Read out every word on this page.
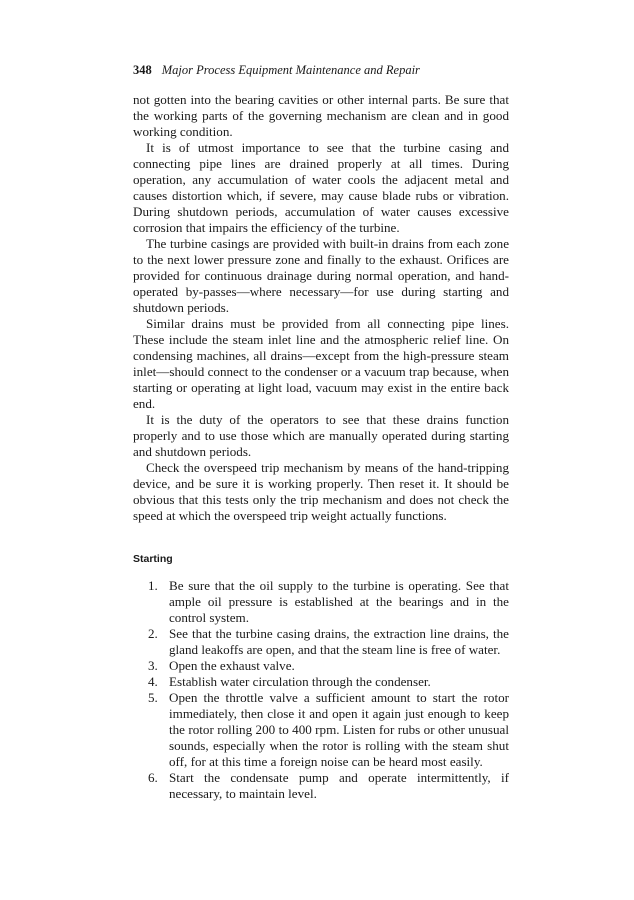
348 Major Process Equipment Maintenance and Repair

not gotten into the bearing cavities or other internal parts. Be sure that the working parts of the governing mechanism are clean and in good working condition.

It is of utmost importance to see that the turbine casing and connecting pipe lines are drained properly at all times. During operation, any accumulation of water cools the adjacent metal and causes distortion which, if severe, may cause blade rubs or vibration. During shutdown periods, accumulation of water causes excessive corrosion that impairs the efficiency of the turbine.

The turbine casings are provided with built-in drains from each zone to the next lower pressure zone and finally to the exhaust. Orifices are provided for continuous drainage during normal operation, and hand-operated by-passes—where necessary—for use during starting and shutdown periods.

Similar drains must be provided from all connecting pipe lines. These include the steam inlet line and the atmospheric relief line. On condensing machines, all drains—except from the high-pressure steam inlet—should connect to the condenser or a vacuum trap because, when starting or operating at light load, vacuum may exist in the entire back end.

It is the duty of the operators to see that these drains function properly and to use those which are manually operated during starting and shutdown periods.

Check the overspeed trip mechanism by means of the hand-tripping device, and be sure it is working properly. Then reset it. It should be obvious that this tests only the trip mechanism and does not check the speed at which the overspeed trip weight actually functions.

Starting
1. Be sure that the oil supply to the turbine is operating. See that ample oil pressure is established at the bearings and in the control system.
2. See that the turbine casing drains, the extraction line drains, the gland leakoffs are open, and that the steam line is free of water.
3. Open the exhaust valve.
4. Establish water circulation through the condenser.
5. Open the throttle valve a sufficient amount to start the rotor immediately, then close it and open it again just enough to keep the rotor rolling 200 to 400 rpm. Listen for rubs or other unusual sounds, especially when the rotor is rolling with the steam shut off, for at this time a foreign noise can be heard most easily.
6. Start the condensate pump and operate intermittently, if necessary, to maintain level.
